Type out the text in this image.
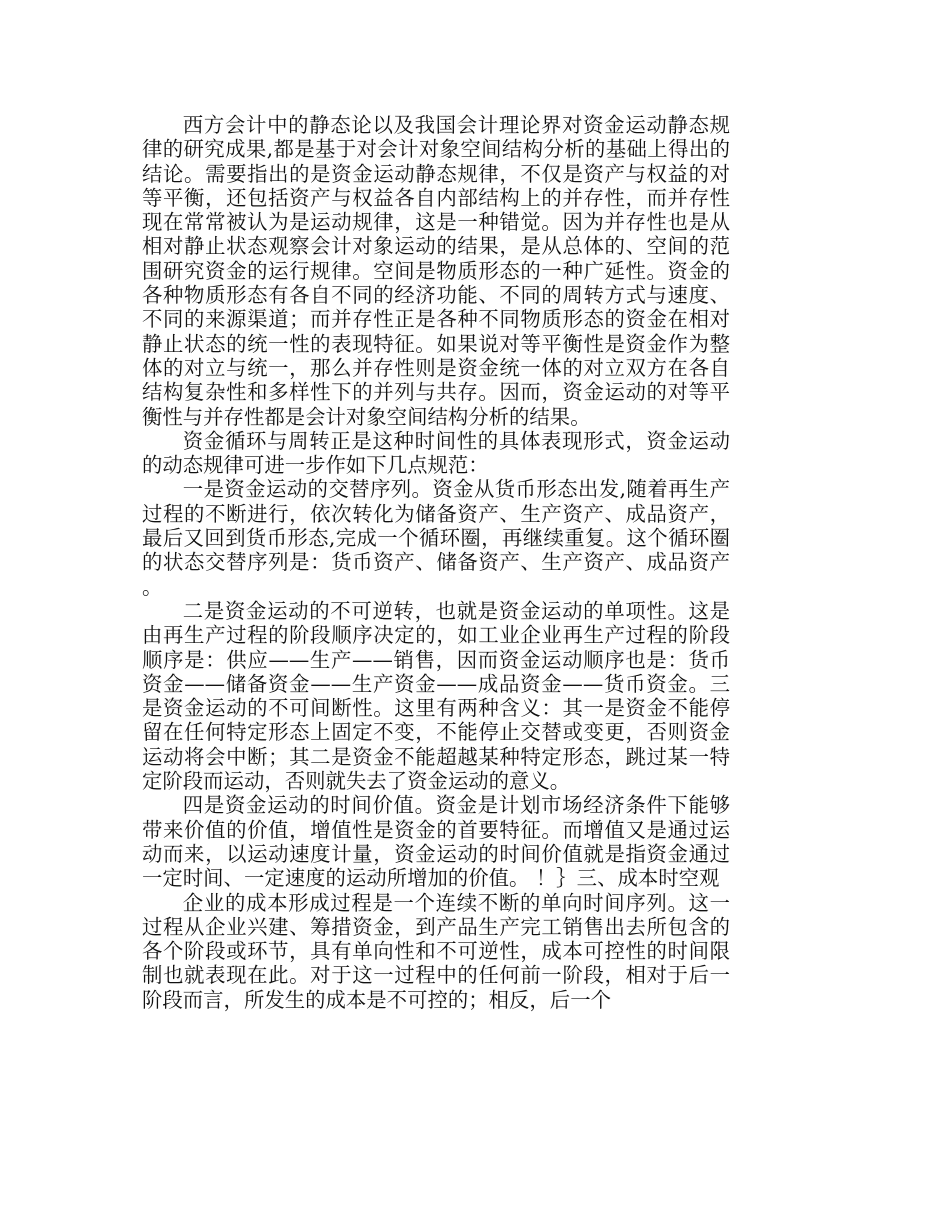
西方会计中的静态论以及我国会计理论界对资金运动静态规律的研究成果,都是基于对会计对象空间结构分析的基础上得出的结论。需要指出的是资金运动静态规律，不仅是资产与权益的对等平衡，还包括资产与权益各自内部结构上的并存性，而并存性现在常常被认为是运动规律，这是一种错觉。因为并存性也是从相对静止状态观察会计对象运动的结果，是从总体的、空间的范围研究资金的运行规律。空间是物质形态的一种广延性。资金的各种物质形态有各自不同的经济功能、不同的周转方式与速度、不同的来源渠道；而并存性正是各种不同物质形态的资金在相对静止状态的统一性的表现特征。如果说对等平衡性是资金作为整体的对立与统一，那么并存性则是资金统一体的对立双方在各自结构复杂性和多样性下的并列与共存。因而，资金运动的对等平衡性与并存性都是会计对象空间结构分析的结果。

资金循环与周转正是这种时间性的具体表现形式，资金运动的动态规律可进一步作如下几点规范：

一是资金运动的交替序列。资金从货币形态出发,随着再生产过程的不断进行，依次转化为储备资产、生产资产、成品资产，最后又回到货币形态,完成一个循环圈，再继续重复。这个循环圈的状态交替序列是：货币资产、储备资产、生产资产、成品资产。

二是资金运动的不可逆转，也就是资金运动的单项性。这是由再生产过程的阶段顺序决定的，如工业企业再生产过程的阶段顺序是：供应——生产——销售，因而资金运动顺序也是：货币资金——储备资金——生产资金——成品资金——货币资金。三是资金运动的不可间断性。这里有两种含义：其一是资金不能停留在任何特定形态上固定不变，不能停止交替或变更，否则资金运动将会中断；其二是资金不能超越某种特定形态，跳过某一特定阶段而运动，否则就失去了资金运动的意义。

四是资金运动的时间价值。资金是计划市场经济条件下能够带来价值的价值，增值性是资金的首要特征。而增值又是通过运动而来，以运动速度计量，资金运动的时间价值就是指资金通过一定时间、一定速度的运动所增加的价值。 ！｝三、成本时空观

企业的成本形成过程是一个连续不断的单向时间序列。这一过程从企业兴建、筹措资金，到产品生产完工销售出去所包含的各个阶段或环节，具有单向性和不可逆性，成本可控性的时间限制也就表现在此。对于这一过程中的任何前一阶段，相对于后一阶段而言，所发生的成本是不可控的；相反，后一个
